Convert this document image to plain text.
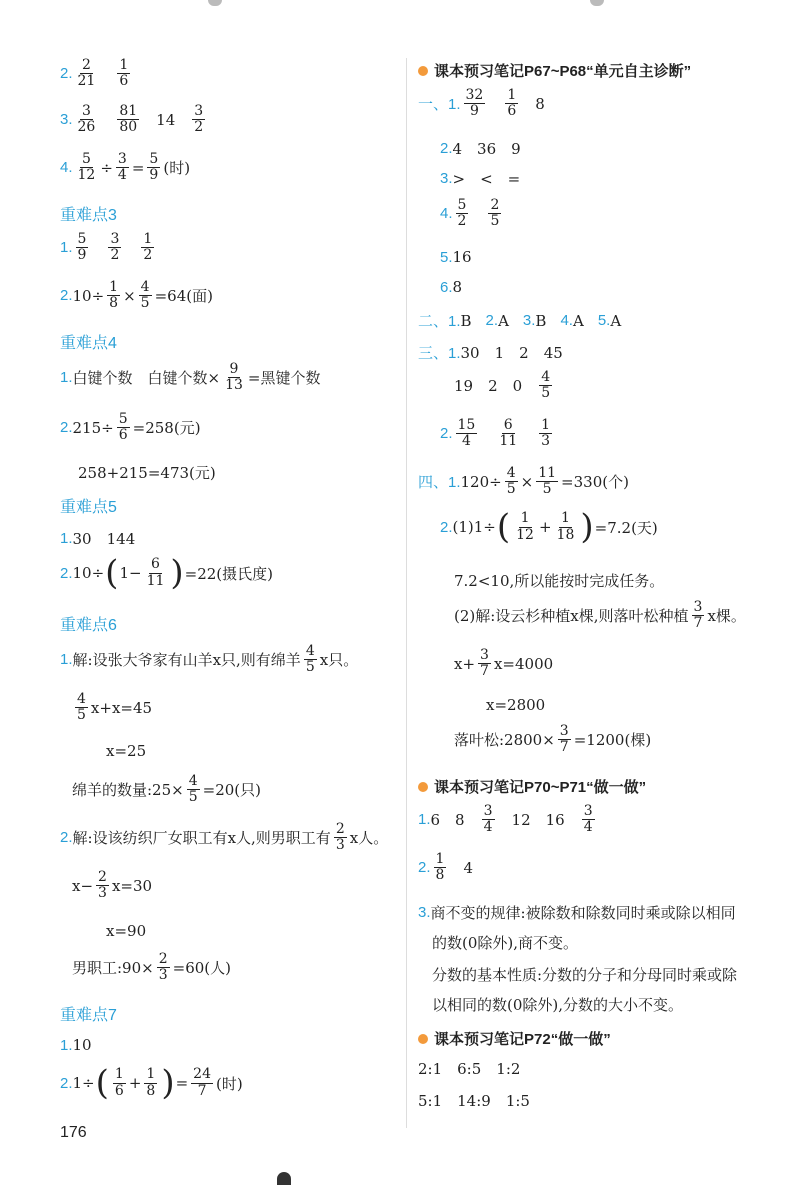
2. $\frac{2}{21} \frac{1}{6}$
3. $\frac{3}{26} \frac{81}{80} 14 \frac{3}{2}$
4. $\frac{5}{12} \div \frac{3}{4} = \frac{5}{9}$ (时)
重难点3
1. $\frac{5}{9} \frac{3}{2} \frac{1}{2}$
2. $10\div \frac{1}{8} \times \frac{4}{5} =64$(面)
重难点4
1. 白键个数　白键个数× $\frac{9}{13}$ =黑键个数
2. $215\div \frac{5}{6} =258$(元)
258+215=473(元)
重难点5
1. 30　144
2. 10÷ ( $1- \frac{6}{11}$ ) =22(摄氏度)
重难点6
1. 解:设张大爷家有山羊x只,则有绵羊 $\frac{4}{5}$ x只。
$\frac{4}{5} x+x=45$
x=25
绵羊的数量:25× $\frac{4}{5} =20$(只)
2. 解:设该纺织厂女职工有x人,则男职工有 $\frac{2}{3}$ x人。
$x- \frac{2}{3} x=30$
x=90
男职工:90× $\frac{2}{3} =60$(人)
重难点7
1. 10
2. 1÷ ( $\frac{1}{6} + \frac{1}{8}$ ) = $\frac{24}{7}$ (时)
176
课本预习笔记P67~P68“单元自主诊断”
一、1. $\frac{32}{9} \frac{1}{6} 8$
2. 4　36　9
3. >　<　=
4. $\frac{5}{2} \frac{2}{5}$
5. 16
6. 8
二、1. B 2. A 3. B 4. A 5. A
三、1. 30　1　2　45
19　2　$0 \frac{4}{5}$
2. $\frac{15}{4} \frac{6}{11} \frac{1}{3}$
四、1. $120\div \frac{4}{5} \times \frac{11}{5} =330$(个)
2. (1)1÷ ( $\frac{1}{12} + \frac{1}{18}$ ) =7.2(天)
7.2<10,所以能按时完成任务。
(2)解:设云杉种植x棵,则落叶松种植 $\frac{3}{7}$ x棵。
$x+ \frac{3}{7} x=4000$
x=2800
落叶松:2800× $\frac{3}{7} =1200$(棵)
课本预习笔记P70~P71“做一做”
1. 6　$8 \frac{3}{4} 12$　$16 \frac{3}{4}$
2. $\frac{1}{8} 4$
3. 商不变的规律:被除数和除数同时乘或除以相同
的数(0除外),商不变。
分数的基本性质:分数的分子和分母同时乘或除
以相同的数(0除外),分数的大小不变。
课本预习笔记P72“做一做”
2:1　6:5　1:2
5:1　14:9　1:5
